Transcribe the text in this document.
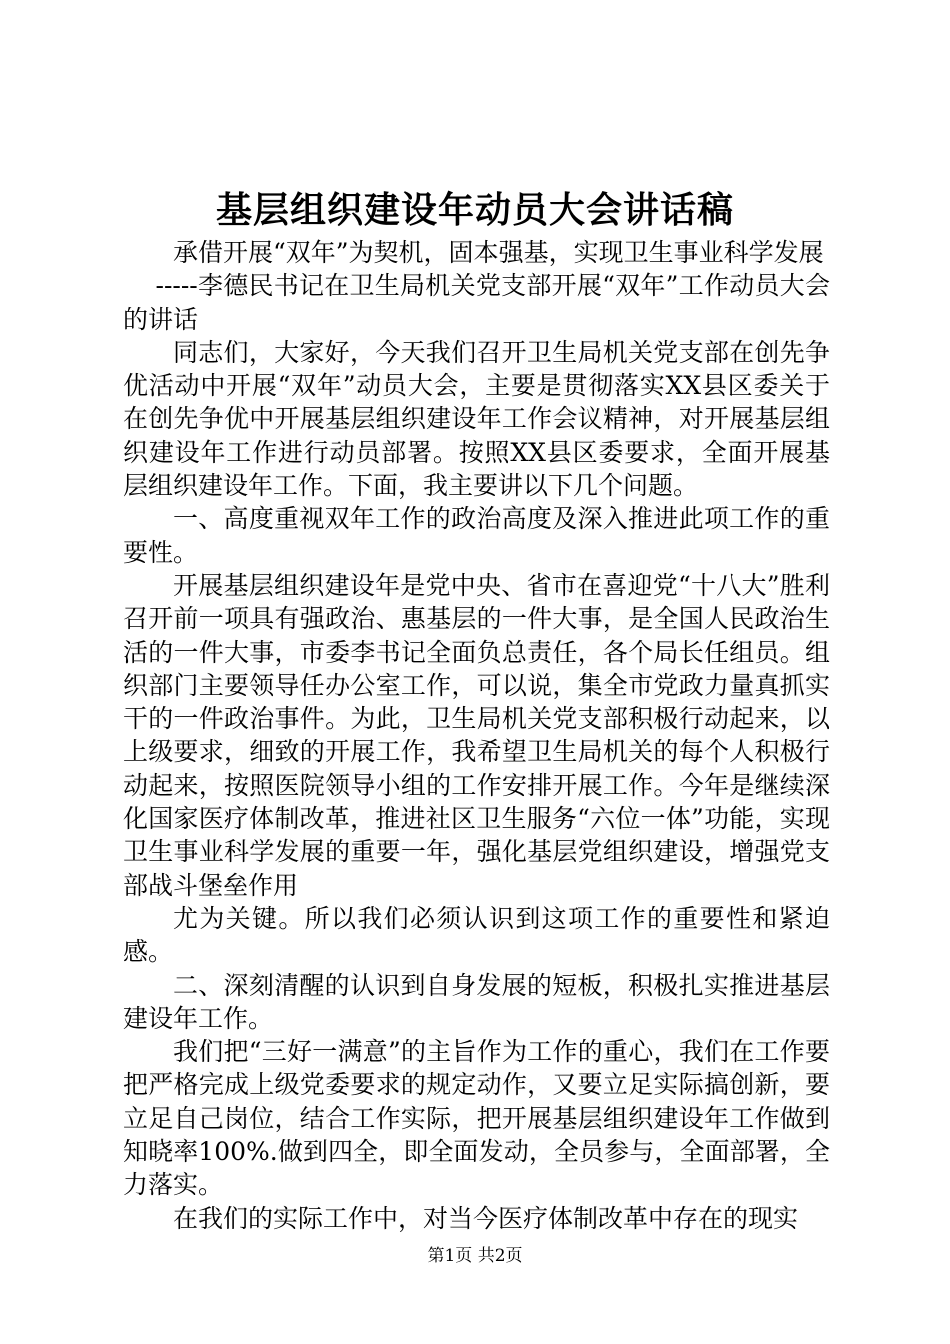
基层组织建设年动员大会讲话稿

承借开展“双年”为契机，固本强基，实现卫生事业科学发展

-----李德民书记在卫生局机关党支部开展“双年”工作动员大会的讲话

同志们，大家好，今天我们召开卫生局机关党支部在创先争优活动中开展“双年”动员大会，主要是贯彻落实XX县区委关于在创先争优中开展基层组织建设年工作会议精神，对开展基层组织建设年工作进行动员部署。按照XX县区委要求，全面开展基层组织建设年工作。下面，我主要讲以下几个问题。

一、高度重视双年工作的政治高度及深入推进此项工作的重要性。

开展基层组织建设年是党中央、省市在喜迎党“十八大”胜利召开前一项具有强政治、惠基层的一件大事，是全国人民政治生活的一件大事，市委李书记全面负总责任，各个局长任组员。组织部门主要领导任办公室工作，可以说，集全市党政力量真抓实干的一件政治事件。为此，卫生局机关党支部积极行动起来，以上级要求，细致的开展工作，我希望卫生局机关的每个人积极行动起来，按照医院领导小组的工作安排开展工作。今年是继续深化国家医疗体制改革，推进社区卫生服务“六位一体”功能，实现卫生事业科学发展的重要一年，强化基层党组织建设，增强党支部战斗堡垒作用

尤为关键。所以我们必须认识到这项工作的重要性和紧迫感。

二、深刻清醒的认识到自身发展的短板，积极扎实推进基层建设年工作。

我们把“三好一满意”的主旨作为工作的重心，我们在工作要把严格完成上级党委要求的规定动作，又要立足实际搞创新，要立足自己岗位，结合工作实际，把开展基层组织建设年工作做到知晓率100%.做到四全，即全面发动，全员参与，全面部署，全力落实。

在我们的实际工作中，对当今医疗体制改革中存在的现实

第1页 共2页
